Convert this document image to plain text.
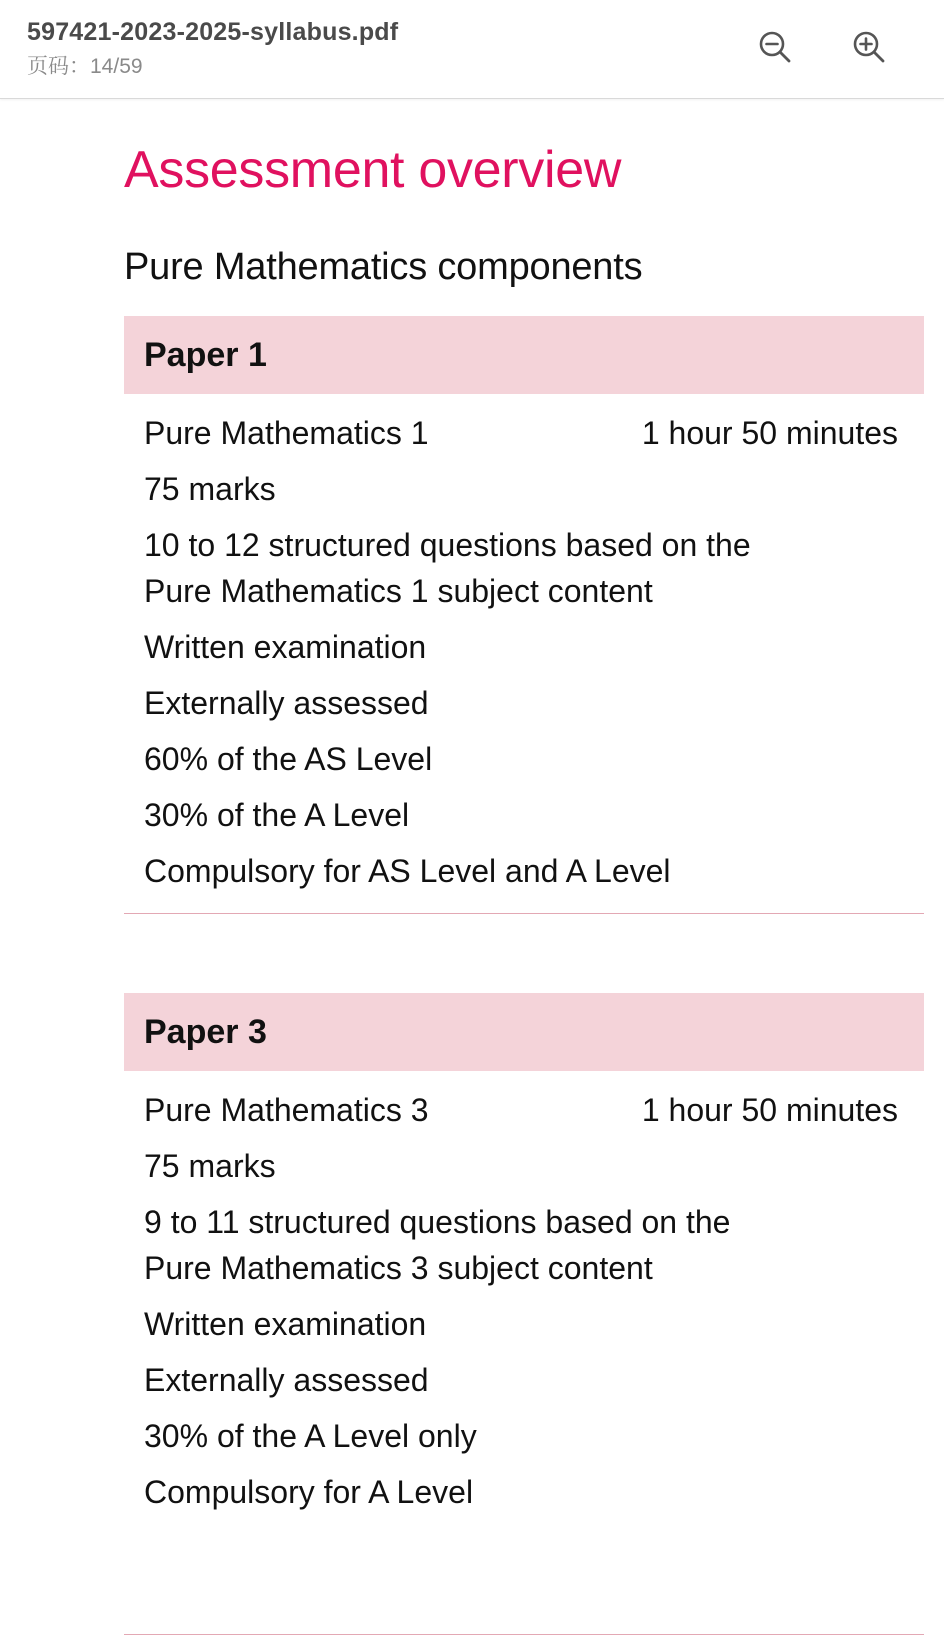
597421-2023-2025-syllabus.pdf
页码：14/59
Assessment overview
Pure Mathematics components
Paper 1
Pure Mathematics 1	1 hour 50 minutes
75 marks
10 to 12 structured questions based on the
Pure Mathematics 1 subject content
Written examination
Externally assessed
60% of the AS Level
30% of the A Level
Compulsory for AS Level and A Level
Paper 3
Pure Mathematics 3	1 hour 50 minutes
75 marks
9 to 11 structured questions based on the
Pure Mathematics 3 subject content
Written examination
Externally assessed
30% of the A Level only
Compulsory for A Level
